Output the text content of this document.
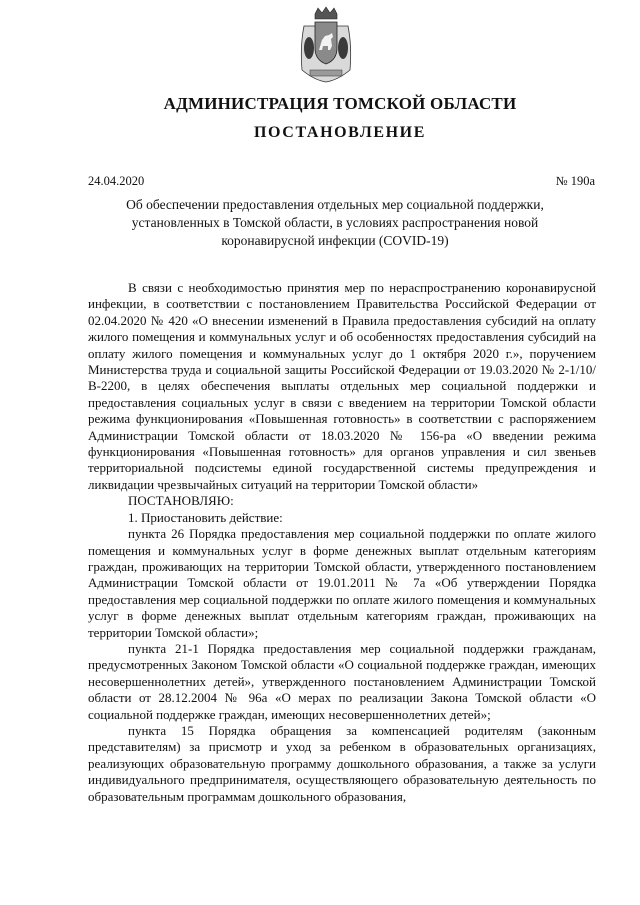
АДМИНИСТРАЦИЯ ТОМСКОЙ ОБЛАСТИ
ПОСТАНОВЛЕНИЕ
24.04.2020	№ 190а
Об обеспечении предоставления отдельных мер социальной поддержки, установленных в Томской области, в условиях распространения новой коронавирусной инфекции (COVID-19)

В связи с необходимостью принятия мер по нераспространению коронавирусной инфекции, в соответствии с постановлением Правительства Российской Федерации от 02.04.2020 № 420 «О внесении изменений в Правила предоставления субсидий на оплату жилого помещения и коммунальных услуг и об особенностях предоставления субсидий на оплату жилого помещения и коммунальных услуг до 1 октября 2020 г.», поручением Министерства труда и социальной защиты Российской Федерации от 19.03.2020 № 2-1/10/В-2200, в целях обеспечения выплаты отдельных мер социальной поддержки и предоставления социальных услуг в связи с введением на территории Томской области режима функционирования «Повышенная готовность» в соответствии с распоряжением Администрации Томской области от 18.03.2020 № 156-ра «О введении режима функционирования «Повышенная готовность» для органов управления и сил звеньев территориальной подсистемы единой государственной системы предупреждения и ликвидации чрезвычайных ситуаций на территории Томской области»

ПОСТАНОВЛЯЮ:
1. Приостановить действие:

пункта 26 Порядка предоставления мер социальной поддержки по оплате жилого помещения и коммунальных услуг в форме денежных выплат отдельным категориям граждан, проживающих на территории Томской области, утвержденного постановлением Администрации Томской области от 19.01.2011 № 7а «Об утверждении Порядка предоставления мер социальной поддержки по оплате жилого помещения и коммунальных услуг в форме денежных выплат отдельным категориям граждан, проживающих на территории Томской области»;

пункта 21-1 Порядка предоставления мер социальной поддержки гражданам, предусмотренных Законом Томской области «О социальной поддержке граждан, имеющих несовершеннолетних детей», утвержденного постановлением Администрации Томской области от 28.12.2004 № 96а «О мерах по реализации Закона Томской области «О социальной поддержке граждан, имеющих несовершеннолетних детей»;

пункта 15 Порядка обращения за компенсацией родителям (законным представителям) за присмотр и уход за ребенком в образовательных организациях, реализующих образовательную программу дошкольного образования, а также за услуги индивидуального предпринимателя, осуществляющего образовательную деятельность по образовательным программам дошкольного образования,
